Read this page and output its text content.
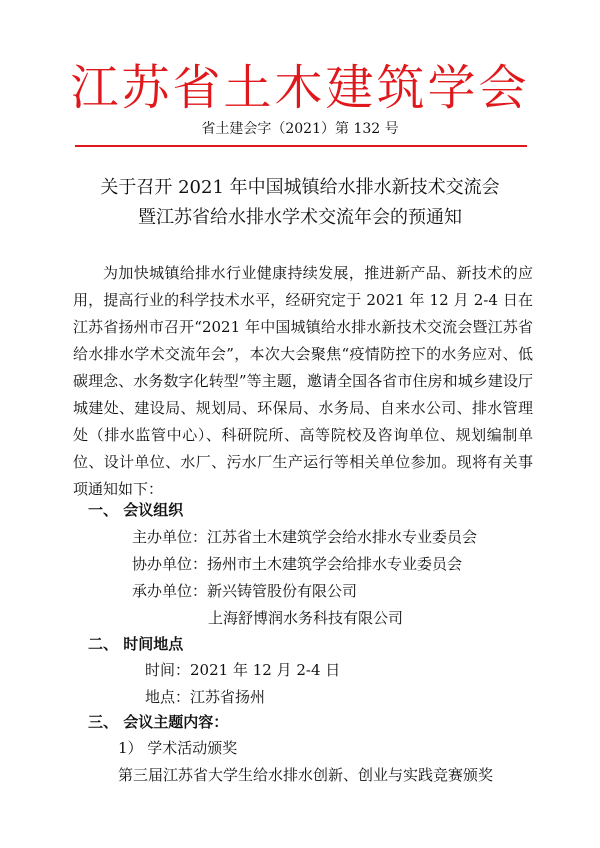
江苏省土木建筑学会
省土建会字（2021）第 132 号
关于召开 2021 年中国城镇给水排水新技术交流会
暨江苏省给水排水学术交流年会的预通知

为加快城镇给排水行业健康持续发展，推进新产品、新技术的应用，提高行业的科学技术水平，经研究定于 2021 年 12 月 2-4 日在江苏省扬州市召开“2021 年中国城镇给水排水新技术交流会暨江苏省给水排水学术交流年会”，本次大会聚焦“疫情防控下的水务应对、低碳理念、水务数字化转型”等主题，邀请全国各省市住房和城乡建设厅城建处、建设局、规划局、环保局、水务局、自来水公司、排水管理处（排水监管中心）、科研院所、高等院校及咨询单位、规划编制单位、设计单位、水厂、污水厂生产运行等相关单位参加。现将有关事项通知如下：

一、 会议组织
主办单位：江苏省土木建筑学会给水排水专业委员会
协办单位：扬州市土木建筑学会给排水专业委员会
承办单位：新兴铸管股份有限公司
上海舒博润水务科技有限公司
二、 时间地点
时间：2021 年 12 月 2-4 日
地点：江苏省扬州
三、 会议主题内容：
1） 学术活动颁奖
第三届江苏省大学生给水排水创新、创业与实践竞赛颁奖
